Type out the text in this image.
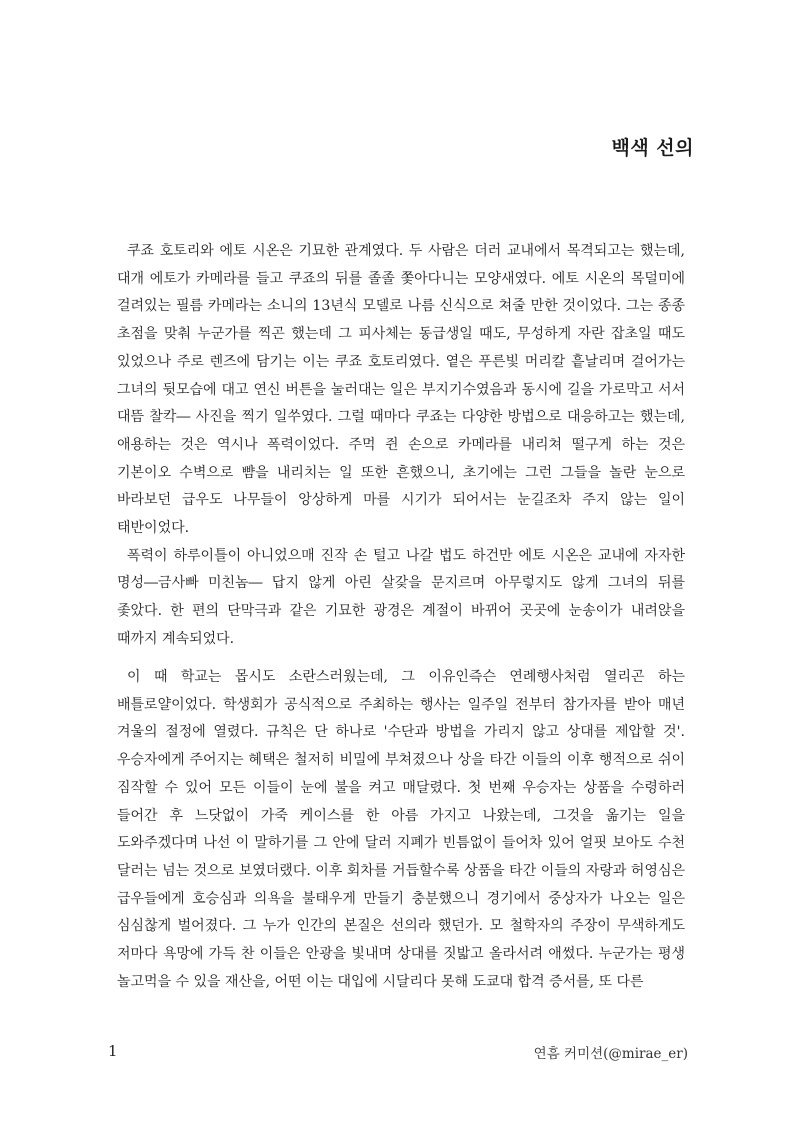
백색 선의

쿠죠 호토리와 에토 시온은 기묘한 관계였다. 두 사람은 더러 교내에서 목격되고는 했는데, 대개 에토가 카메라를 들고 쿠죠의 뒤를 졸졸 쫓아다니는 모양새였다. 에토 시온의 목덜미에 걸려있는 필름 카메라는 소니의 13년식 모델로 나름 신식으로 쳐줄 만한 것이었다. 그는 종종 초점을 맞춰 누군가를 찍곤 했는데 그 피사체는 동급생일 때도, 무성하게 자란 잡초일 때도 있었으나 주로 렌즈에 담기는 이는 쿠죠 호토리였다. 옅은 푸른빛 머리칼 흩날리며 걸어가는 그녀의 뒷모습에 대고 연신 버튼을 눌러대는 일은 부지기수였음과 동시에 길을 가로막고 서서 대뜸 찰칵― 사진을 찍기 일쑤였다. 그럴 때마다 쿠죠는 다양한 방법으로 대응하고는 했는데, 애용하는 것은 역시나 폭력이었다. 주먹 쥔 손으로 카메라를 내리쳐 떨구게 하는 것은 기본이오 수벽으로 뺨을 내리치는 일 또한 흔했으니, 초기에는 그런 그들을 놀란 눈으로 바라보던 급우도 나무들이 앙상하게 마를 시기가 되어서는 눈길조차 주지 않는 일이 태반이었다.

폭력이 하루이틀이 아니었으매 진작 손 털고 나갈 법도 하건만 에토 시온은 교내에 자자한 명성―금사빠 미친놈― 답지 않게 아린 살갗을 문지르며 아무렇지도 않게 그녀의 뒤를 좇았다. 한 편의 단막극과 같은 기묘한 광경은 계절이 바뀌어 곳곳에 눈송이가 내려앉을 때까지 계속되었다.

이 때 학교는 몹시도 소란스러웠는데, 그 이유인즉슨 연례행사처럼 열리곤 하는 배틀로얄이었다. 학생회가 공식적으로 주최하는 행사는 일주일 전부터 참가자를 받아 매년 겨울의 절정에 열렸다. 규칙은 단 하나로 '수단과 방법을 가리지 않고 상대를 제압할 것'. 우승자에게 주어지는 혜택은 철저히 비밀에 부쳐졌으나 상을 타간 이들의 이후 행적으로 쉬이 짐작할 수 있어 모든 이들이 눈에 불을 켜고 매달렸다. 첫 번째 우승자는 상품을 수령하러 들어간 후 느닷없이 가죽 케이스를 한 아름 가지고 나왔는데, 그것을 옮기는 일을 도와주겠다며 나선 이 말하기를 그 안에 달러 지폐가 빈틈없이 들어차 있어 얼핏 보아도 수천 달러는 넘는 것으로 보였더랬다. 이후 회차를 거듭할수록 상품을 타간 이들의 자랑과 허영심은 급우들에게 호승심과 의욕을 불태우게 만들기 충분했으니 경기에서 중상자가 나오는 일은 심심찮게 벌어졌다. 그 누가 인간의 본질은 선의라 했던가. 모 철학자의 주장이 무색하게도 저마다 욕망에 가득 찬 이들은 안광을 빛내며 상대를 짓밟고 올라서려 애썼다. 누군가는 평생 놀고먹을 수 있을 재산을, 어떤 이는 대입에 시달리다 못해 도쿄대 합격 증서를, 또 다른

1	연흠 커미션(@mirae_er)
